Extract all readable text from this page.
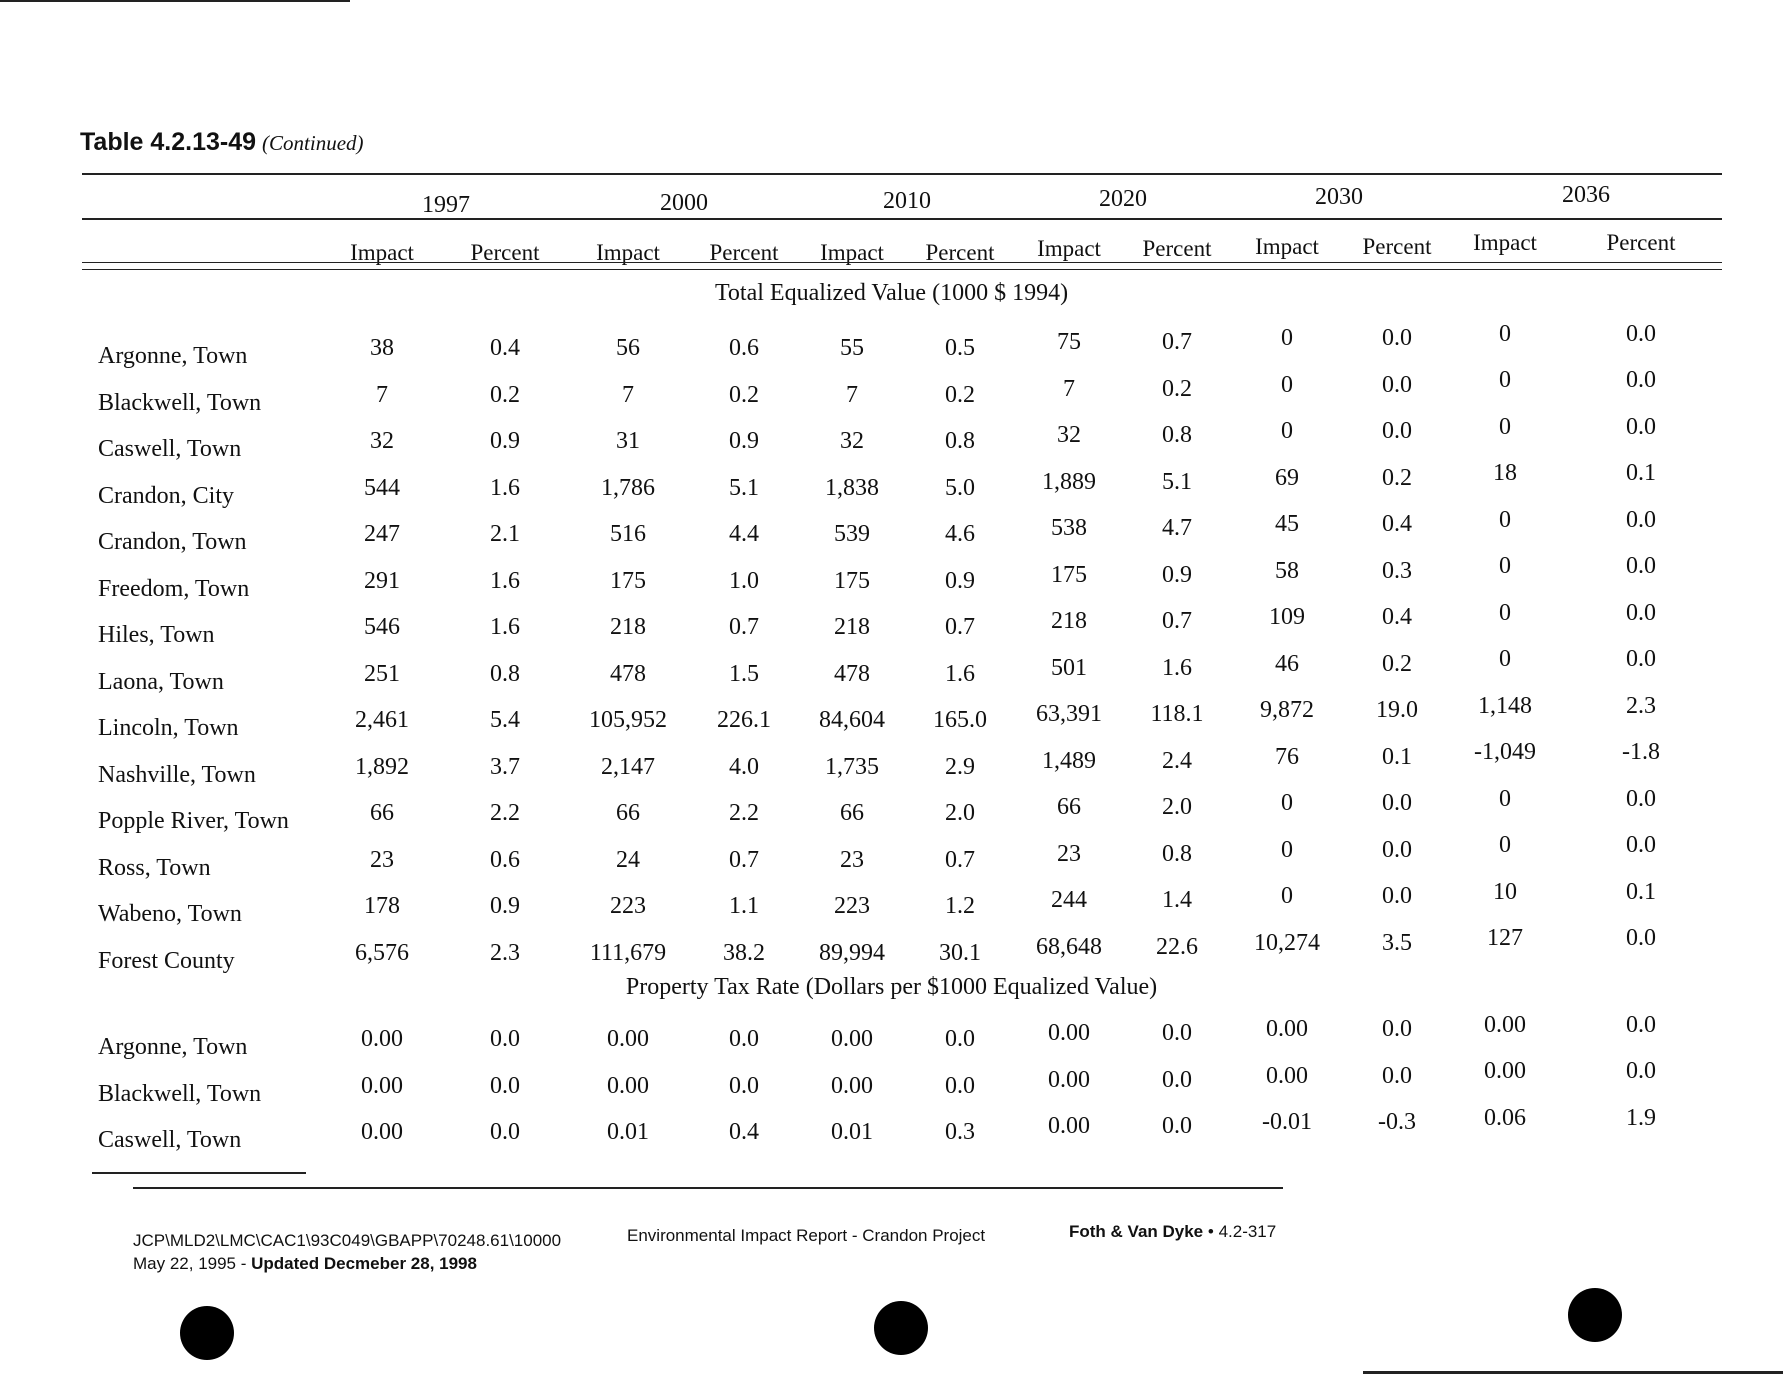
Table 4.2.13-49 (Continued)
1997	2000	2010	2020	2030	2036
Impact	Percent	Impact	Percent	Impact	Percent	Impact	Percent	Impact	Percent	Impact	Percent
Total Equalized Value (1000 $ 1994)
Argonne, Town	38	0.4	56	0.6	55	0.5	75	0.7	0	0.0	0	0.0
Blackwell, Town	7	0.2	7	0.2	7	0.2	7	0.2	0	0.0	0	0.0
Caswell, Town	32	0.9	31	0.9	32	0.8	32	0.8	0	0.0	0	0.0
Crandon, City	544	1.6	1,786	5.1	1,838	5.0	1,889	5.1	69	0.2	18	0.1
Crandon, Town	247	2.1	516	4.4	539	4.6	538	4.7	45	0.4	0	0.0
Freedom, Town	291	1.6	175	1.0	175	0.9	175	0.9	58	0.3	0	0.0
Hiles, Town	546	1.6	218	0.7	218	0.7	218	0.7	109	0.4	0	0.0
Laona, Town	251	0.8	478	1.5	478	1.6	501	1.6	46	0.2	0	0.0
Lincoln, Town	2,461	5.4	105,952	226.1	84,604	165.0	63,391	118.1	9,872	19.0	1,148	2.3
Nashville, Town	1,892	3.7	2,147	4.0	1,735	2.9	1,489	2.4	76	0.1	-1,049	-1.8
Popple River, Town	66	2.2	66	2.2	66	2.0	66	2.0	0	0.0	0	0.0
Ross, Town	23	0.6	24	0.7	23	0.7	23	0.8	0	0.0	0	0.0
Wabeno, Town	178	0.9	223	1.1	223	1.2	244	1.4	0	0.0	10	0.1
Forest County	6,576	2.3	111,679	38.2	89,994	30.1	68,648	22.6	10,274	3.5	127	0.0
Property Tax Rate (Dollars per $1000 Equalized Value)
Argonne, Town	0.00	0.0	0.00	0.0	0.00	0.0	0.00	0.0	0.00	0.0	0.00	0.0
Blackwell, Town	0.00	0.0	0.00	0.0	0.00	0.0	0.00	0.0	0.00	0.0	0.00	0.0
Caswell, Town	0.00	0.0	0.01	0.4	0.01	0.3	0.00	0.0	-0.01	-0.3	0.06	1.9
JCP\MLD2\LMC\CAC1\93C049\GBAPP\70248.61\10000
May 22, 1995 - Updated Decmeber 28, 1998
Environmental Impact Report - Crandon Project	Foth & Van Dyke • 4.2-317
